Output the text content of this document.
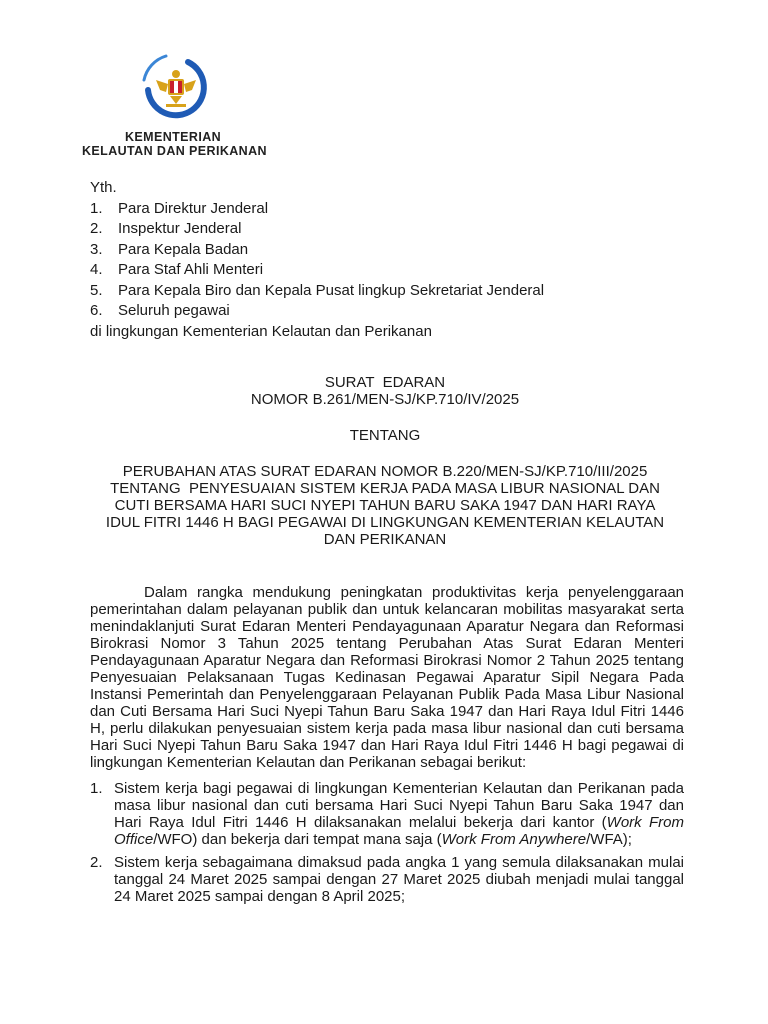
KEMENTERIAN
KELAUTAN DAN PERIKANAN
Yth.
1.	Para Direktur Jenderal
2.	Inspektur Jenderal
3.	Para Kepala Badan
4.	Para Staf Ahli Menteri
5.	Para Kepala Biro dan Kepala Pusat lingkup Sekretariat Jenderal
6.	Seluruh pegawai
di lingkungan Kementerian Kelautan dan Perikanan
SURAT  EDARAN
NOMOR B.261/MEN-SJ/KP.710/IV/2025
TENTANG
PERUBAHAN ATAS SURAT EDARAN NOMOR B.220/MEN-SJ/KP.710/III/2025
TENTANG  PENYESUAIAN SISTEM KERJA PADA MASA LIBUR NASIONAL DAN
CUTI BERSAMA HARI SUCI NYEPI TAHUN BARU SAKA 1947 DAN HARI RAYA
IDUL FITRI 1446 H BAGI PEGAWAI DI LINGKUNGAN KEMENTERIAN KELAUTAN
DAN PERIKANAN

Dalam rangka mendukung peningkatan produktivitas kerja penyelenggaraan pemerintahan dalam pelayanan publik dan untuk kelancaran mobilitas masyarakat serta menindaklanjuti Surat Edaran Menteri Pendayagunaan Aparatur Negara dan Reformasi Birokrasi Nomor 3 Tahun 2025 tentang Perubahan Atas Surat Edaran Menteri Pendayagunaan Aparatur Negara dan Reformasi Birokrasi Nomor 2 Tahun 2025 tentang Penyesuaian Pelaksanaan Tugas Kedinasan Pegawai Aparatur Sipil Negara Pada Instansi Pemerintah dan Penyelenggaraan Pelayanan Publik Pada Masa Libur Nasional dan Cuti Bersama Hari Suci Nyepi Tahun Baru Saka 1947 dan Hari Raya Idul Fitri 1446 H, perlu dilakukan penyesuaian sistem kerja pada masa libur nasional dan cuti bersama Hari Suci Nyepi Tahun Baru Saka 1947 dan Hari Raya Idul Fitri 1446 H bagi pegawai di lingkungan Kementerian Kelautan dan Perikanan sebagai berikut:

1. Sistem kerja bagi pegawai di lingkungan Kementerian Kelautan dan Perikanan pada masa libur nasional dan cuti bersama Hari Suci Nyepi Tahun Baru Saka 1947 dan Hari Raya Idul Fitri 1446 H dilaksanakan melalui bekerja dari kantor (Work From Office/WFO) dan bekerja dari tempat mana saja (Work From Anywhere/WFA);
2. Sistem kerja sebagaimana dimaksud pada angka 1 yang semula dilaksanakan mulai tanggal 24 Maret 2025 sampai dengan 27 Maret 2025 diubah menjadi mulai tanggal 24 Maret 2025 sampai dengan 8 April 2025;
